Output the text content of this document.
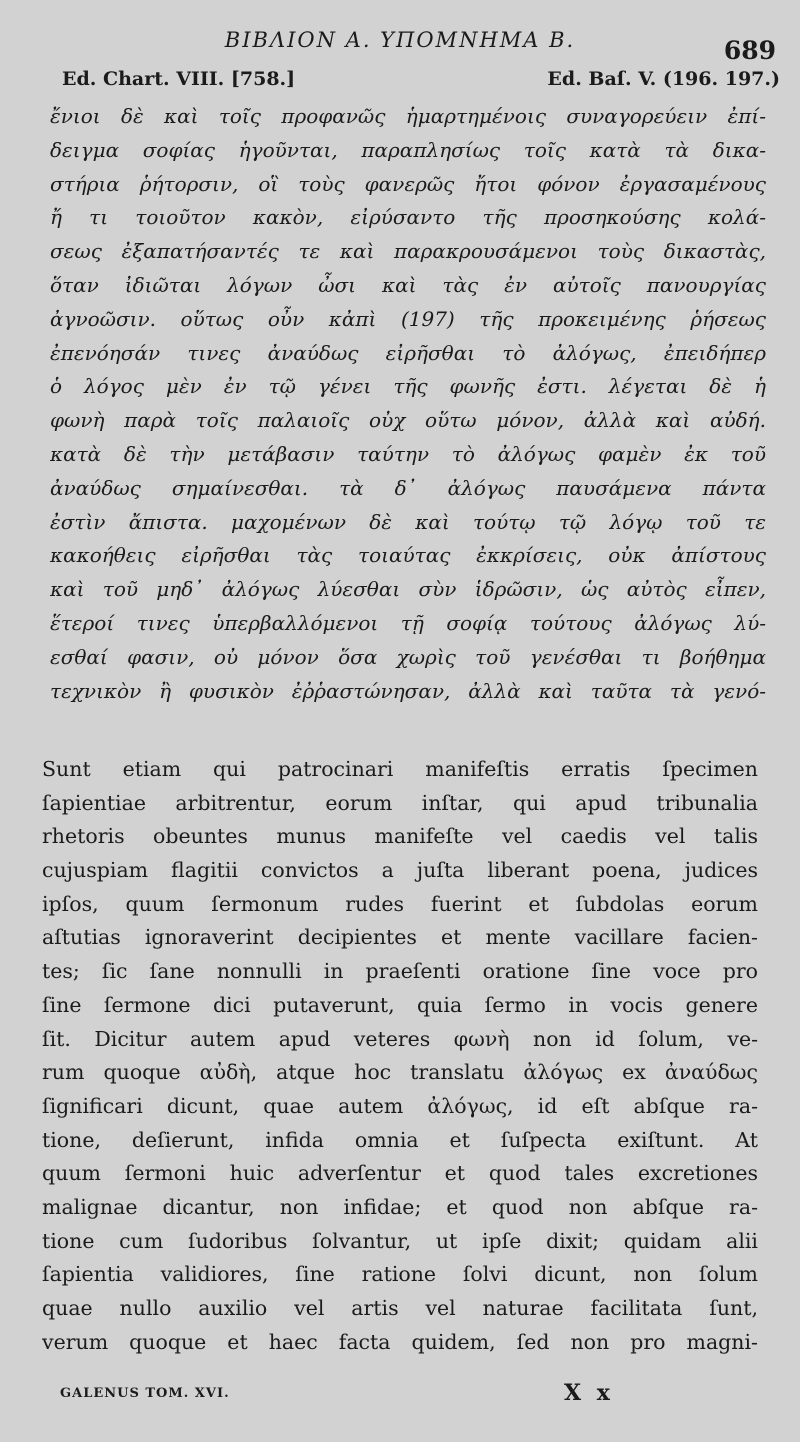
ΒΙΒΛΙΟΝ Α. ΥΠΟΜΝΗΜΑ Β.	689
Ed. Chart. VIII. [758.]	Ed. Baſ. V. (196. 197.)
ἔνιοι δὲ καὶ τοῖς προφανῶς ἡμαρτημένοις συναγορεύειν ἐπί-
δειγμα σοφίας ἡγοῦνται, παραπλησίως τοῖς κατὰ τὰ δικα-
στήρια ῥήτορσιν, οἳ τοὺς φανερῶς ἤτοι φόνον ἐργασαμένους
ἤ τι τοιοῦτον κακὸν, εἰρύσαντο τῆς προσηκούσης κολά-
σεως ἐξαπατήσαντές τε καὶ παρακρουσάμενοι τοὺς δικαστὰς,
ὅταν ἰδιῶται λόγων ὦσι καὶ τὰς ἐν αὐτοῖς πανουργίας
ἀγνοῶσιν. οὕτως οὖν κἀπὶ (197) τῆς προκειμένης ῥήσεως
ἐπενόησάν τινες ἀναύδως εἰρῆσθαι τὸ ἀλόγως, ἐπειδήπερ
ὁ λόγος μὲν ἐν τῷ γένει τῆς φωνῆς ἐστι. λέγεται δὲ ἡ
φωνὴ παρὰ τοῖς παλαιοῖς οὐχ οὕτω μόνον, ἀλλὰ καὶ αὐδή.
κατὰ δὲ τὴν μετάβασιν ταύτην τὸ ἀλόγως φαμὲν ἐκ τοῦ
ἀναύδως σημαίνεσθαι. τὰ δ᾽ ἀλόγως παυσάμενα πάντα
ἐστὶν ἄπιστα. μαχομένων δὲ καὶ τούτῳ τῷ λόγῳ τοῦ τε
κακοήθεις εἰρῆσθαι τὰς τοιαύτας ἐκκρίσεις, οὐκ ἀπίστους
καὶ τοῦ μηδ᾽ ἀλόγως λύεσθαι σὺν ἱδρῶσιν, ὡς αὐτὸς εἶπεν,
ἕτεροί τινες ὑπερβαλλόμενοι τῇ σοφίᾳ τούτους ἀλόγως λύ-
εσθαί φασιν, οὐ μόνον ὅσα χωρὶς τοῦ γενέσθαι τι βοήθημα
τεχνικὸν ἢ φυσικὸν ἐῤῥαστώνησαν, ἀλλὰ καὶ ταῦτα τὰ γενό-
Sunt etiam qui patrocinari manifeſtis erratis ſpecimen
ſapientiae arbitrentur, eorum inſtar, qui apud tribunalia
rhetoris obeuntes munus manifeſte vel caedis vel talis
cujuspiam flagitii convictos a juſta liberant poena, judices
ipſos, quum ſermonum rudes fuerint et ſubdolas eorum
aſtutias ignoraverint decipientes et mente vacillare facien-
tes; ſic ſane nonnulli in praeſenti oratione ſine voce pro
ſine ſermone dici putaverunt, quia ſermo in vocis genere
ſit. Dicitur autem apud veteres φωνὴ non id ſolum, ve-
rum quoque αὐδὴ, atque hoc translatu ἀλόγως ex ἀναύδως
ſignificari dicunt, quae autem ἀλόγως, id eſt abſque ra-
tione, deſierunt, infida omnia et ſuſpecta exiſtunt. At
quum ſermoni huic adverſentur et quod tales excretiones
malignae dicantur, non infidae; et quod non abſque ra-
tione cum ſudoribus ſolvantur, ut ipſe dixit; quidam alii
ſapientia validiores, ſine ratione ſolvi dicunt, non ſolum
quae nullo auxilio vel artis vel naturae facilitata ſunt,
verum quoque et haec facta quidem, ſed non pro magni-
GALENUS TOM. XVI.	X x
